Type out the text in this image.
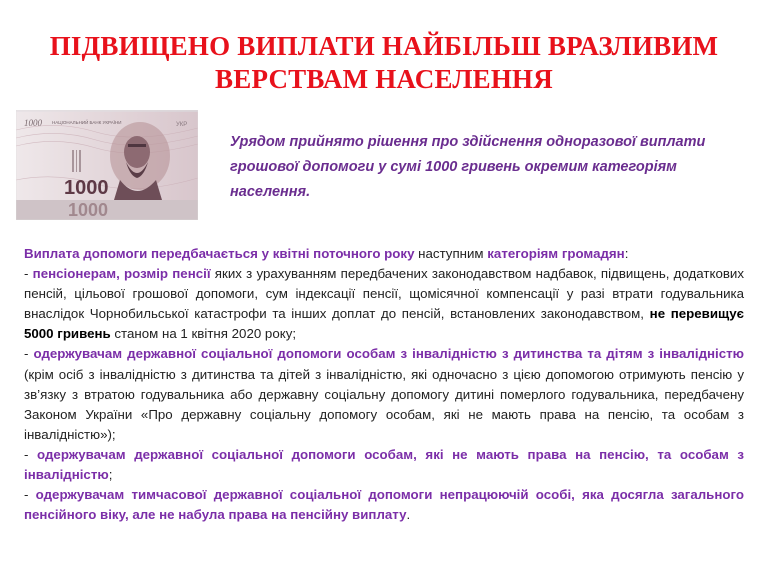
ПІДВИЩЕНО ВИПЛАТИ НАЙБІЛЬШ ВРАЗЛИВИМ
ВЕРСТВАМ НАСЕЛЕННЯ
1000 НАЦІОНАЛЬНИЙ БАНК УКРАЇНИ	УКР
1000
1000
Урядом прийнято рішення про здійснення одноразової виплати грошової допомоги у сумі 1000 гривень окремим категоріям населення.

Виплата допомоги передбачається у квітні поточного року наступним категоріям громадян:

- пенсіонерам, розмір пенсії яких з урахуванням передбачених законодавством надбавок, підвищень, додаткових пенсій, цільової грошової допомоги, сум індексації пенсії, щомісячної компенсації у разі втрати годувальника внаслідок Чорнобильської катастрофи та інших доплат до пенсій, встановлених законодавством, не перевищує 5000 гривень станом на 1 квітня 2020 року;

- одержувачам державної соціальної допомоги особам з інвалідністю з дитинства та дітям з інвалідністю (крім осіб з інвалідністю з дитинства та дітей з інвалідністю, які одночасно з цією допомогою отримують пенсію у зв’язку з втратою годувальника або державну соціальну допомогу дитині померлого годувальника, передбачену Законом України «Про державну соціальну допомогу особам, які не мають права на пенсію, та особам з інвалідністю»);

- одержувачам державної соціальної допомоги особам, які не мають права на пенсію, та особам з інвалідністю;

- одержувачам тимчасової державної соціальної допомоги непрацюючій особі, яка досягла загального пенсійного віку, але не набула права на пенсійну виплату.
